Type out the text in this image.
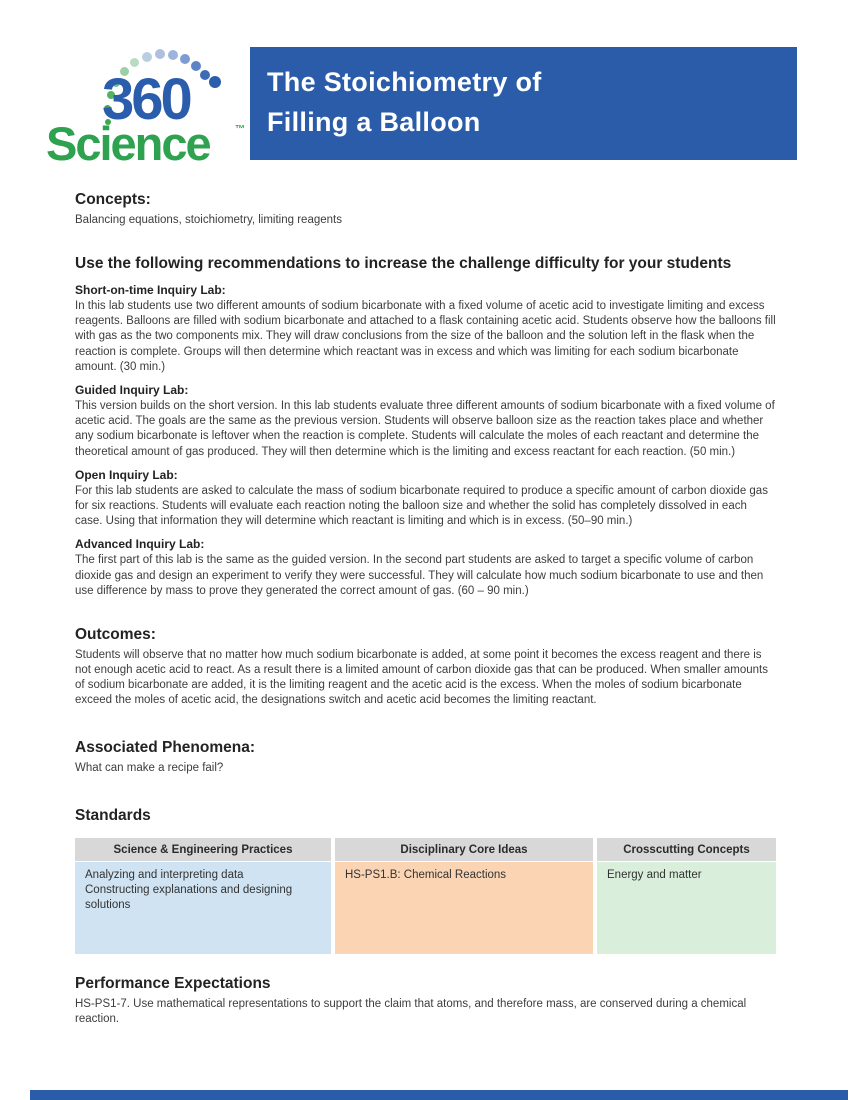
360
Science	™
The Stoichiometry of
Filling a Balloon
Concepts:
Balancing equations, stoichiometry, limiting reagents
Use the following recommendations to increase the challenge difficulty for your students
Short-on-time Inquiry Lab:
In this lab students use two different amounts of sodium bicarbonate with a fixed volume of acetic acid to investigate limiting and excess reagents. Balloons are filled with sodium bicarbonate and attached to a flask containing acetic acid. Students observe how the balloons fill with gas as the two components mix. They will draw conclusions from the size of the balloon and the solution left in the flask when the reaction is complete. Groups will then determine which reactant was in excess and which was limiting for each sodium bicarbonate amount. (30 min.)
Guided Inquiry Lab:
This version builds on the short version. In this lab students evaluate three different amounts of sodium bicarbonate with a fixed volume of acetic acid. The goals are the same as the previous version. Students will observe balloon size as the reaction takes place and whether any sodium bicarbonate is leftover when the reaction is complete. Students will calculate the moles of each reactant and determine the theoretical amount of gas produced. They will then determine which is the limiting and excess reactant for each reaction. (50 min.)
Open Inquiry Lab:
For this lab students are asked to calculate the mass of sodium bicarbonate required to produce a specific amount of carbon dioxide gas for six reactions. Students will evaluate each reaction noting the balloon size and whether the solid has completely dissolved in each case. Using that information they will determine which reactant is limiting and which is in excess. (50–90 min.)
Advanced Inquiry Lab:
The first part of this lab is the same as the guided version. In the second part students are asked to target a specific volume of carbon dioxide gas and design an experiment to verify they were successful. They will calculate how much sodium bicarbonate to use and then use difference by mass to prove they generated the correct amount of gas. (60 – 90 min.)
Outcomes:
Students will observe that no matter how much sodium bicarbonate is added, at some point it becomes the excess reagent and there is not enough acetic acid to react. As a result there is a limited amount of carbon dioxide gas that can be produced. When smaller amounts of sodium bicarbonate are added, it is the limiting reagent and the acetic acid is the excess. When the moles of sodium bicarbonate exceed the moles of acetic acid, the designations switch and acetic acid becomes the limiting reactant.
Associated Phenomena:
What can make a recipe fail?
Standards
Science & Engineering Practices
Analyzing and interpreting data
Constructing explanations and designing solutions
Disciplinary Core Ideas
HS-PS1.B: Chemical Reactions
Crosscutting Concepts
Energy and matter
Performance Expectations
HS-PS1-7. Use mathematical representations to support the claim that atoms, and therefore mass, are conserved during a chemical reaction.
